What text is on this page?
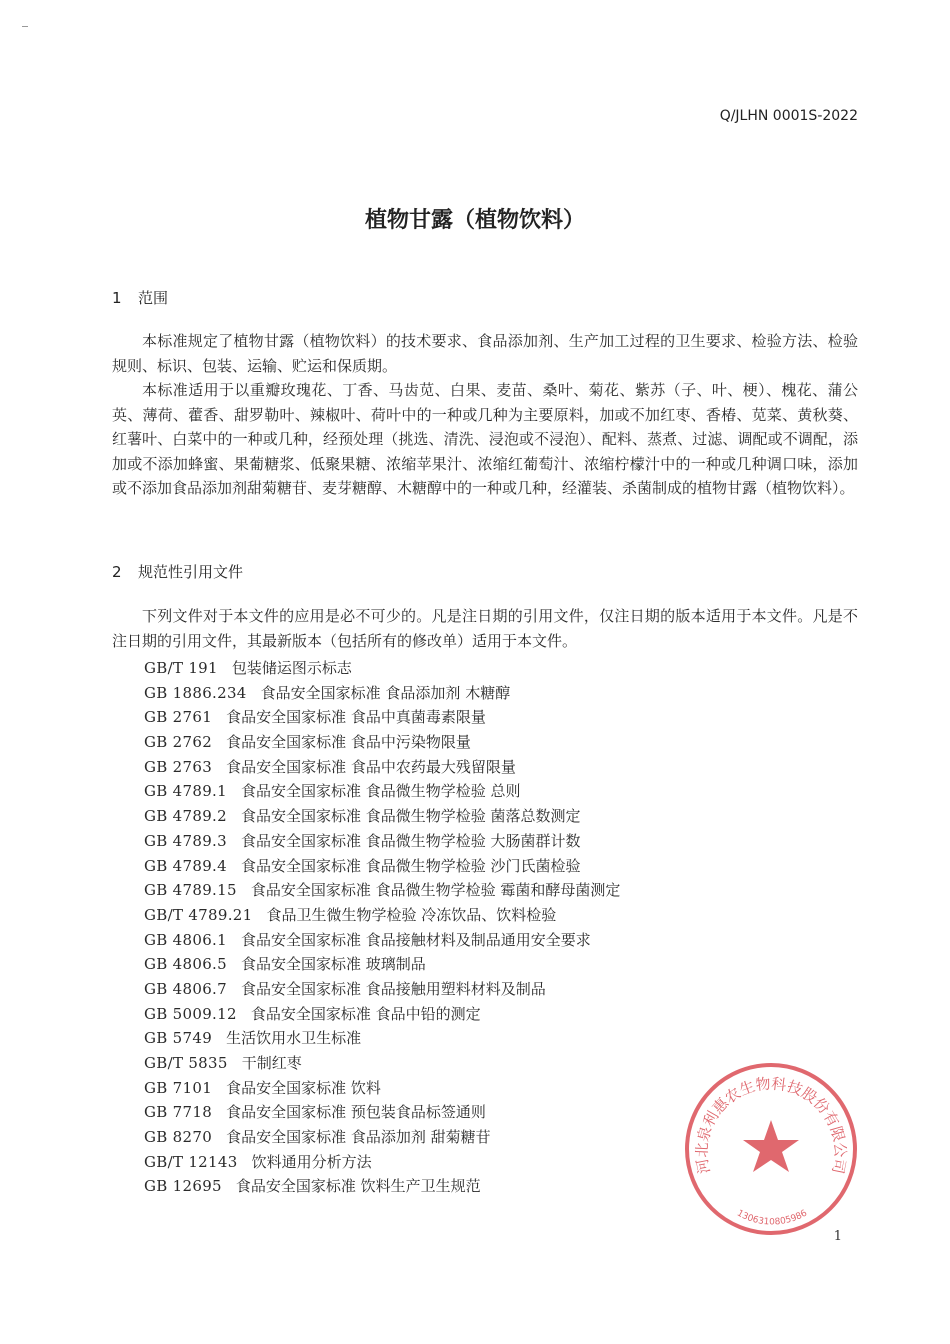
Q/JLHN 0001S-2022
植物甘露（植物饮料）
1 范围

本标准规定了植物甘露（植物饮料）的技术要求、食品添加剂、生产加工过程的卫生要求、检验方法、检验规则、标识、包装、运输、贮运和保质期。

本标准适用于以重瓣玫瑰花、丁香、马齿苋、白果、麦苗、桑叶、菊花、紫苏（子、叶、梗）、槐花、蒲公英、薄荷、藿香、甜罗勒叶、辣椒叶、荷叶中的一种或几种为主要原料，加或不加红枣、香椿、苋菜、黄秋葵、红薯叶、白菜中的一种或几种，经预处理（挑选、清洗、浸泡或不浸泡）、配料、蒸煮、过滤、调配或不调配，添加或不添加蜂蜜、果葡糖浆、低聚果糖、浓缩苹果汁、浓缩红葡萄汁、浓缩柠檬汁中的一种或几种调口味，添加或不添加食品添加剂甜菊糖苷、麦芽糖醇、木糖醇中的一种或几种，经灌装、杀菌制成的植物甘露（植物饮料）。

2 规范性引用文件

下列文件对于本文件的应用是必不可少的。凡是注日期的引用文件，仅注日期的版本适用于本文件。凡是不注日期的引用文件，其最新版本（包括所有的修改单）适用于本文件。

GB/T 191 包装储运图示标志
GB 1886.234 食品安全国家标准 食品添加剂 木糖醇
GB 2761 食品安全国家标准 食品中真菌毒素限量
GB 2762 食品安全国家标准 食品中污染物限量
GB 2763 食品安全国家标准 食品中农药最大残留限量
GB 4789.1 食品安全国家标准 食品微生物学检验 总则
GB 4789.2 食品安全国家标准 食品微生物学检验 菌落总数测定
GB 4789.3 食品安全国家标准 食品微生物学检验 大肠菌群计数
GB 4789.4 食品安全国家标准 食品微生物学检验 沙门氏菌检验
GB 4789.15 食品安全国家标准 食品微生物学检验 霉菌和酵母菌测定
GB/T 4789.21 食品卫生微生物学检验 冷冻饮品、饮料检验
GB 4806.1 食品安全国家标准 食品接触材料及制品通用安全要求
GB 4806.5 食品安全国家标准 玻璃制品
GB 4806.7 食品安全国家标准 食品接触用塑料材料及制品
GB 5009.12 食品安全国家标准 食品中铅的测定
GB 5749 生活饮用水卫生标准
GB/T 5835 干制红枣
GB 7101 食品安全国家标准 饮料
GB 7718 食品安全国家标准 预包装食品标签通则
GB 8270 食品安全国家标准 食品添加剂 甜菊糖苷
GB/T 12143 饮料通用分析方法
GB 12695 食品安全国家标准 饮料生产卫生规范
河北泉利惠农生物科技股份有限公司
1306310805986
1
